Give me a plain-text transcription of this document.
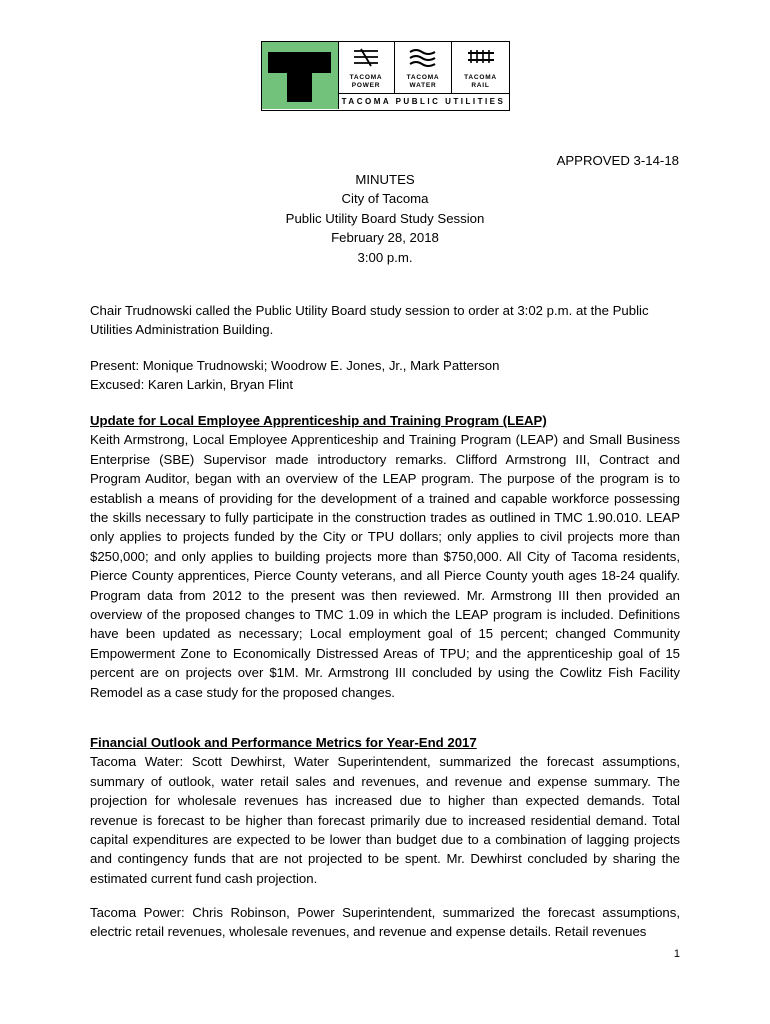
TACOMA
POWER
TACOMA
WATER
TACOMA
RAIL
TACOMA PUBLIC UTILITIES
APPROVED 3-14-18
MINUTES
City of Tacoma
Public Utility Board Study Session
February 28, 2018
3:00 p.m.
Chair Trudnowski called the Public Utility Board study session to order at 3:02 p.m. at the Public Utilities Administration Building.
Present: Monique Trudnowski; Woodrow E. Jones, Jr., Mark Patterson
Excused: Karen Larkin, Bryan Flint
Update for Local Employee Apprenticeship and Training Program (LEAP)
Keith Armstrong, Local Employee Apprenticeship and Training Program (LEAP) and Small Business Enterprise (SBE) Supervisor made introductory remarks. Clifford Armstrong III, Contract and Program Auditor, began with an overview of the LEAP program. The purpose of the program is to establish a means of providing for the development of a trained and capable workforce possessing the skills necessary to fully participate in the construction trades as outlined in TMC 1.90.010. LEAP only applies to projects funded by the City or TPU dollars; only applies to civil projects more than $250,000; and only applies to building projects more than $750,000. All City of Tacoma residents, Pierce County apprentices, Pierce County veterans, and all Pierce County youth ages 18-24 qualify. Program data from 2012 to the present was then reviewed. Mr. Armstrong III then provided an overview of the proposed changes to TMC 1.09 in which the LEAP program is included. Definitions have been updated as necessary; Local employment goal of 15 percent; changed Community Empowerment Zone to Economically Distressed Areas of TPU; and the apprenticeship goal of 15 percent are on projects over $1M. Mr. Armstrong III concluded by using the Cowlitz Fish Facility Remodel as a case study for the proposed changes.
Financial Outlook and Performance Metrics for Year-End 2017
Tacoma Water: Scott Dewhirst, Water Superintendent, summarized the forecast assumptions, summary of outlook, water retail sales and revenues, and revenue and expense summary. The projection for wholesale revenues has increased due to higher than expected demands. Total revenue is forecast to be higher than forecast primarily due to increased residential demand. Total capital expenditures are expected to be lower than budget due to a combination of lagging projects and contingency funds that are not projected to be spent. Mr. Dewhirst concluded by sharing the estimated current fund cash projection.
Tacoma Power: Chris Robinson, Power Superintendent, summarized the forecast assumptions, electric retail revenues, wholesale revenues, and revenue and expense details. Retail revenues
1
